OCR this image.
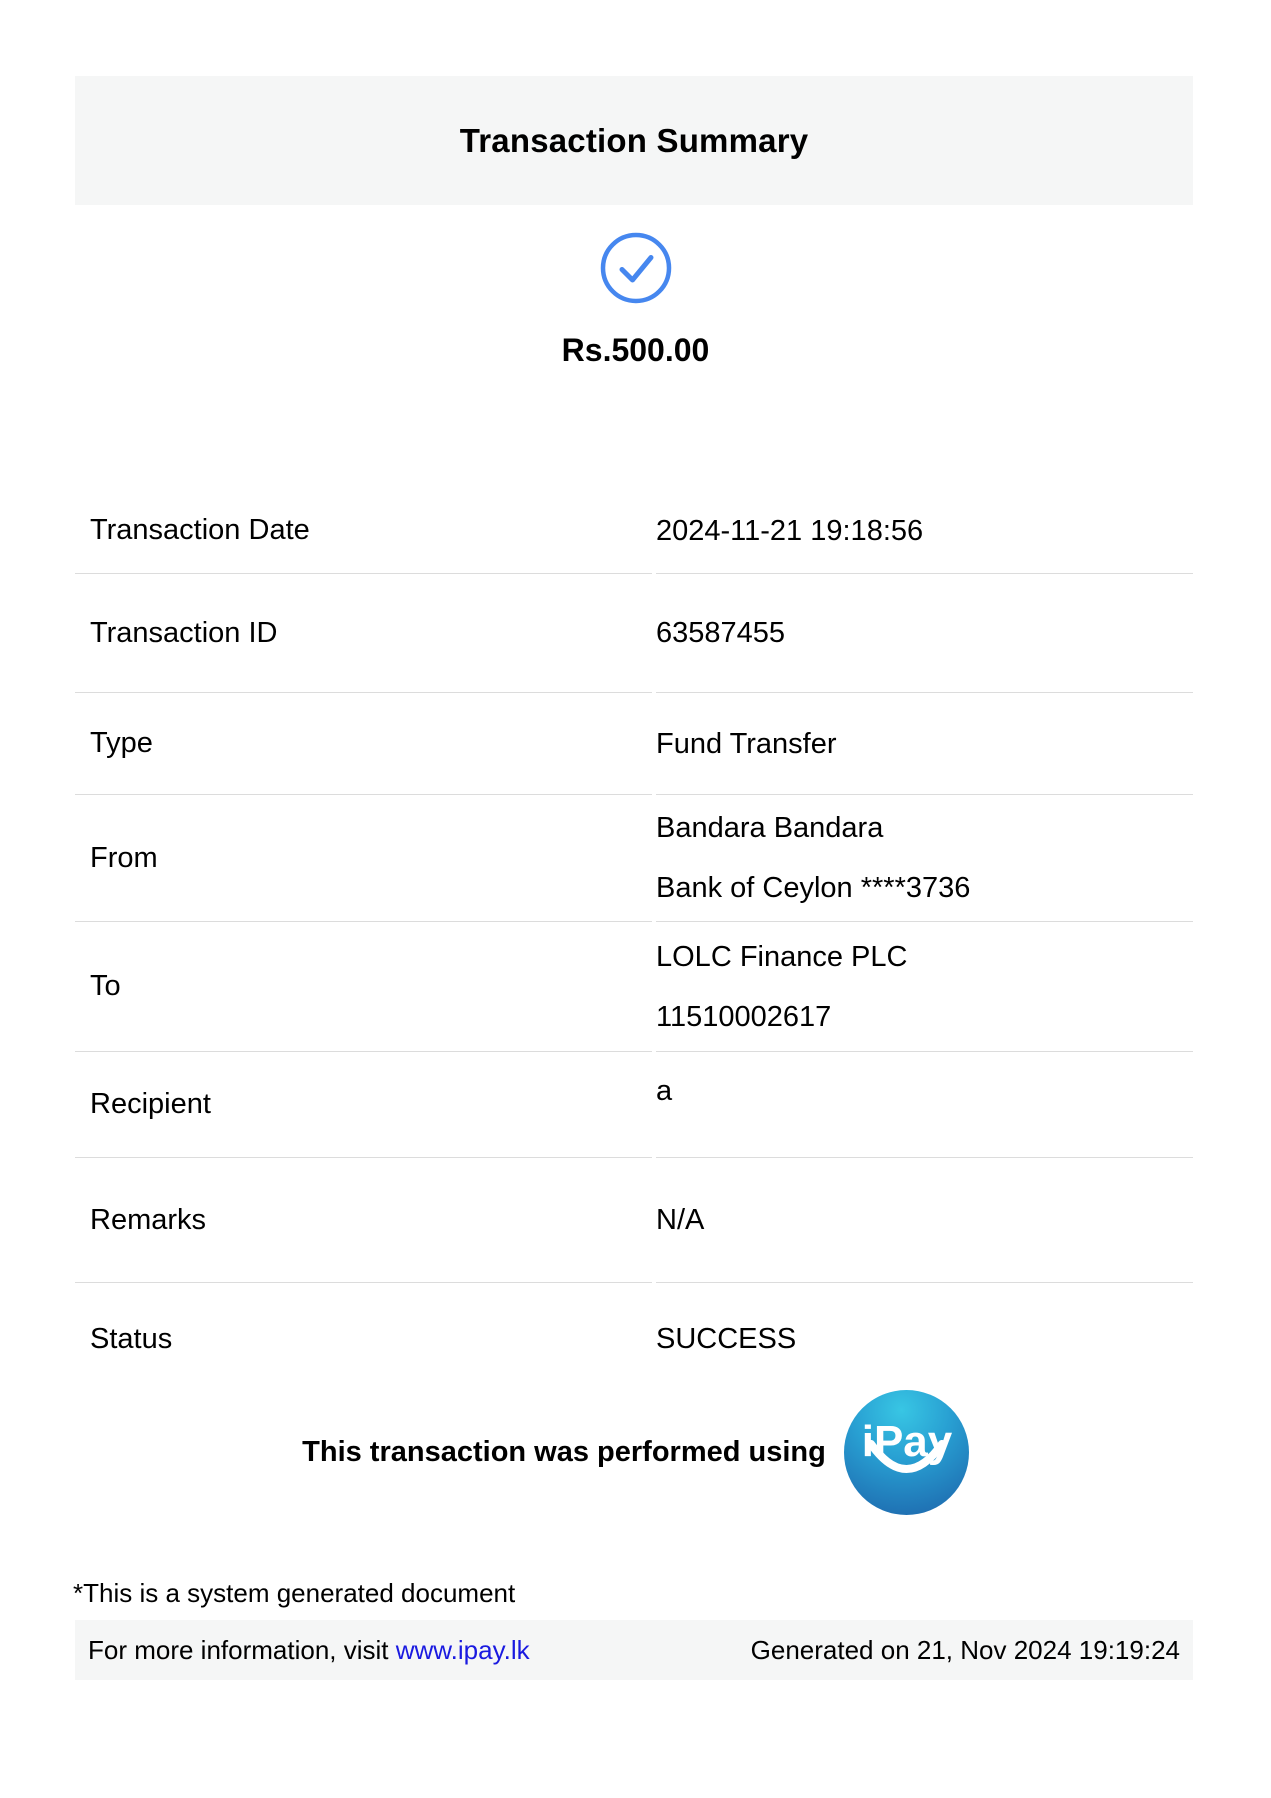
Transaction Summary
Rs.500.00
Transaction Date	2024-11-21 19:18:56

Transaction ID	63587455

Type	Fund Transfer

From	Bandara Bandara
Bank of Ceylon ****3736

To	LOLC Finance PLC
11510002617

Recipient	a
Remarks	N/A

Status	SUCCESS
This transaction was performed using iPay
*This is a system generated document
For more information, visit www.ipay.lk	Generated on 21, Nov 2024 19:19:24
